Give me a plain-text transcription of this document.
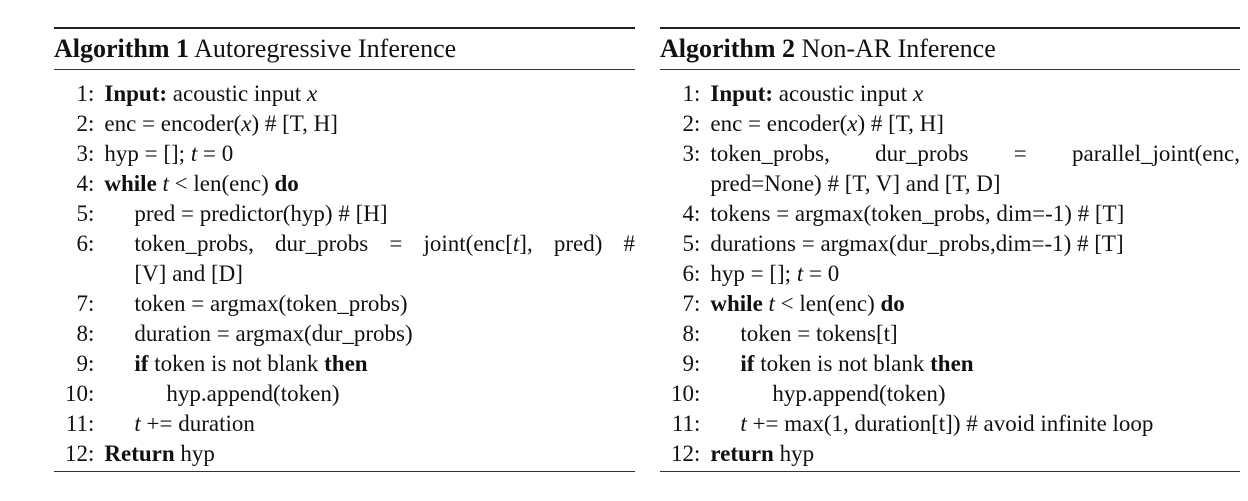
Algorithm 1 Autoregressive Inference
1 : Input: acoustic input x
2 : enc = encoder(x) # [T, H]
3 : hyp = []; t = 0
4 : while t < len(enc) do
5 :	pred = predictor(hyp) # [H]
6 : token_probs, dur_probs = joint(enc[t], pred) #
[V] and [D]
7 :	token = argmax(token_probs)
8 :	duration = argmax(dur_probs)
9 :	if token is not blank then
10 :	hyp.append(token)
11 :	t += duration
12 : Return hyp
Algorithm 2 Non-AR Inference
1 : Input: acoustic input x
2 : enc = encoder(x) # [T, H]
3 : token_probs, dur_probs = parallel_joint(enc,
pred=None) # [T, V] and [T, D]
4 : tokens = argmax(token_probs, dim=-1) # [T]
5 : durations = argmax(dur_probs,dim=-1) # [T]
6 : hyp = []; t = 0
7 : while t < len(enc) do
8 :	token = tokens[t]
9 :	if token is not blank then
10 :	hyp.append(token)
11 :	t += max(1, duration[t]) # avoid infinite loop
12 : return hyp
